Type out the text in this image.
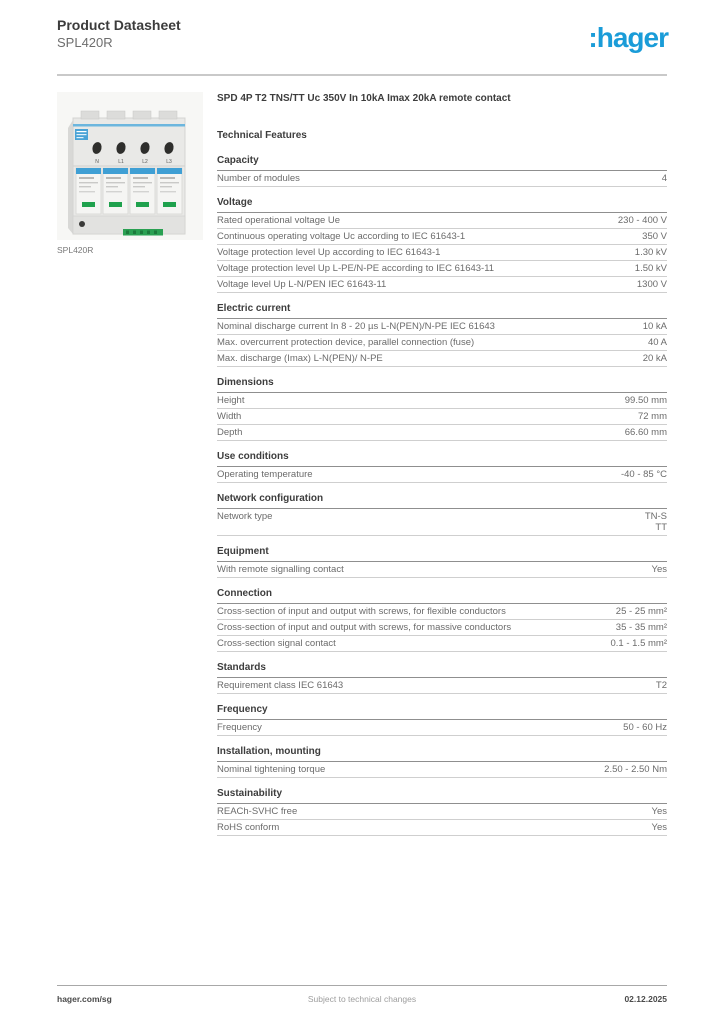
Product Datasheet
SPL420R	:hager
N	L1	L2	L3
SPL420R
SPD 4P T2 TNS/TT Uc 350V In 10kA Imax 20kA remote contact
Technical Features
Capacity
Number of modules	4
Voltage
Rated operational voltage Ue	230 - 400 V
Continuous operating voltage Uc according to IEC 61643-1	350 V
Voltage protection level Up according to IEC 61643-1	1.30 kV
Voltage protection level Up L-PE/N-PE according to IEC 61643-11	1.50 kV
Voltage level Up L-N/PEN IEC 61643-11	1300 V
Electric current
Nominal discharge current In 8 - 20 µs L-N(PEN)/N-PE IEC 61643	10 kA
Max. overcurrent protection device, parallel connection (fuse)	40 A
Max. discharge (Imax) L-N(PEN)/ N-PE	20 kA
Dimensions
Height	99.50 mm
Width	72 mm
Depth	66.60 mm
Use conditions
Operating temperature	-40 - 85 °C
Network configuration
Network type	TN-S
TT
Equipment
With remote signalling contact	Yes
Connection
Cross-section of input and output with screws, for flexible conductors	25 - 25 mm²
Cross-section of input and output with screws, for massive conductors	35 - 35 mm²
Cross-section signal contact	0.1 - 1.5 mm²
Standards
Requirement class IEC 61643	T2
Frequency
Frequency	50 - 60 Hz
Installation, mounting
Nominal tightening torque	2.50 - 2.50 Nm
Sustainability
REACh-SVHC free	Yes
RoHS conform	Yes
hager.com/sg	Subject to technical changes	02.12.2025
